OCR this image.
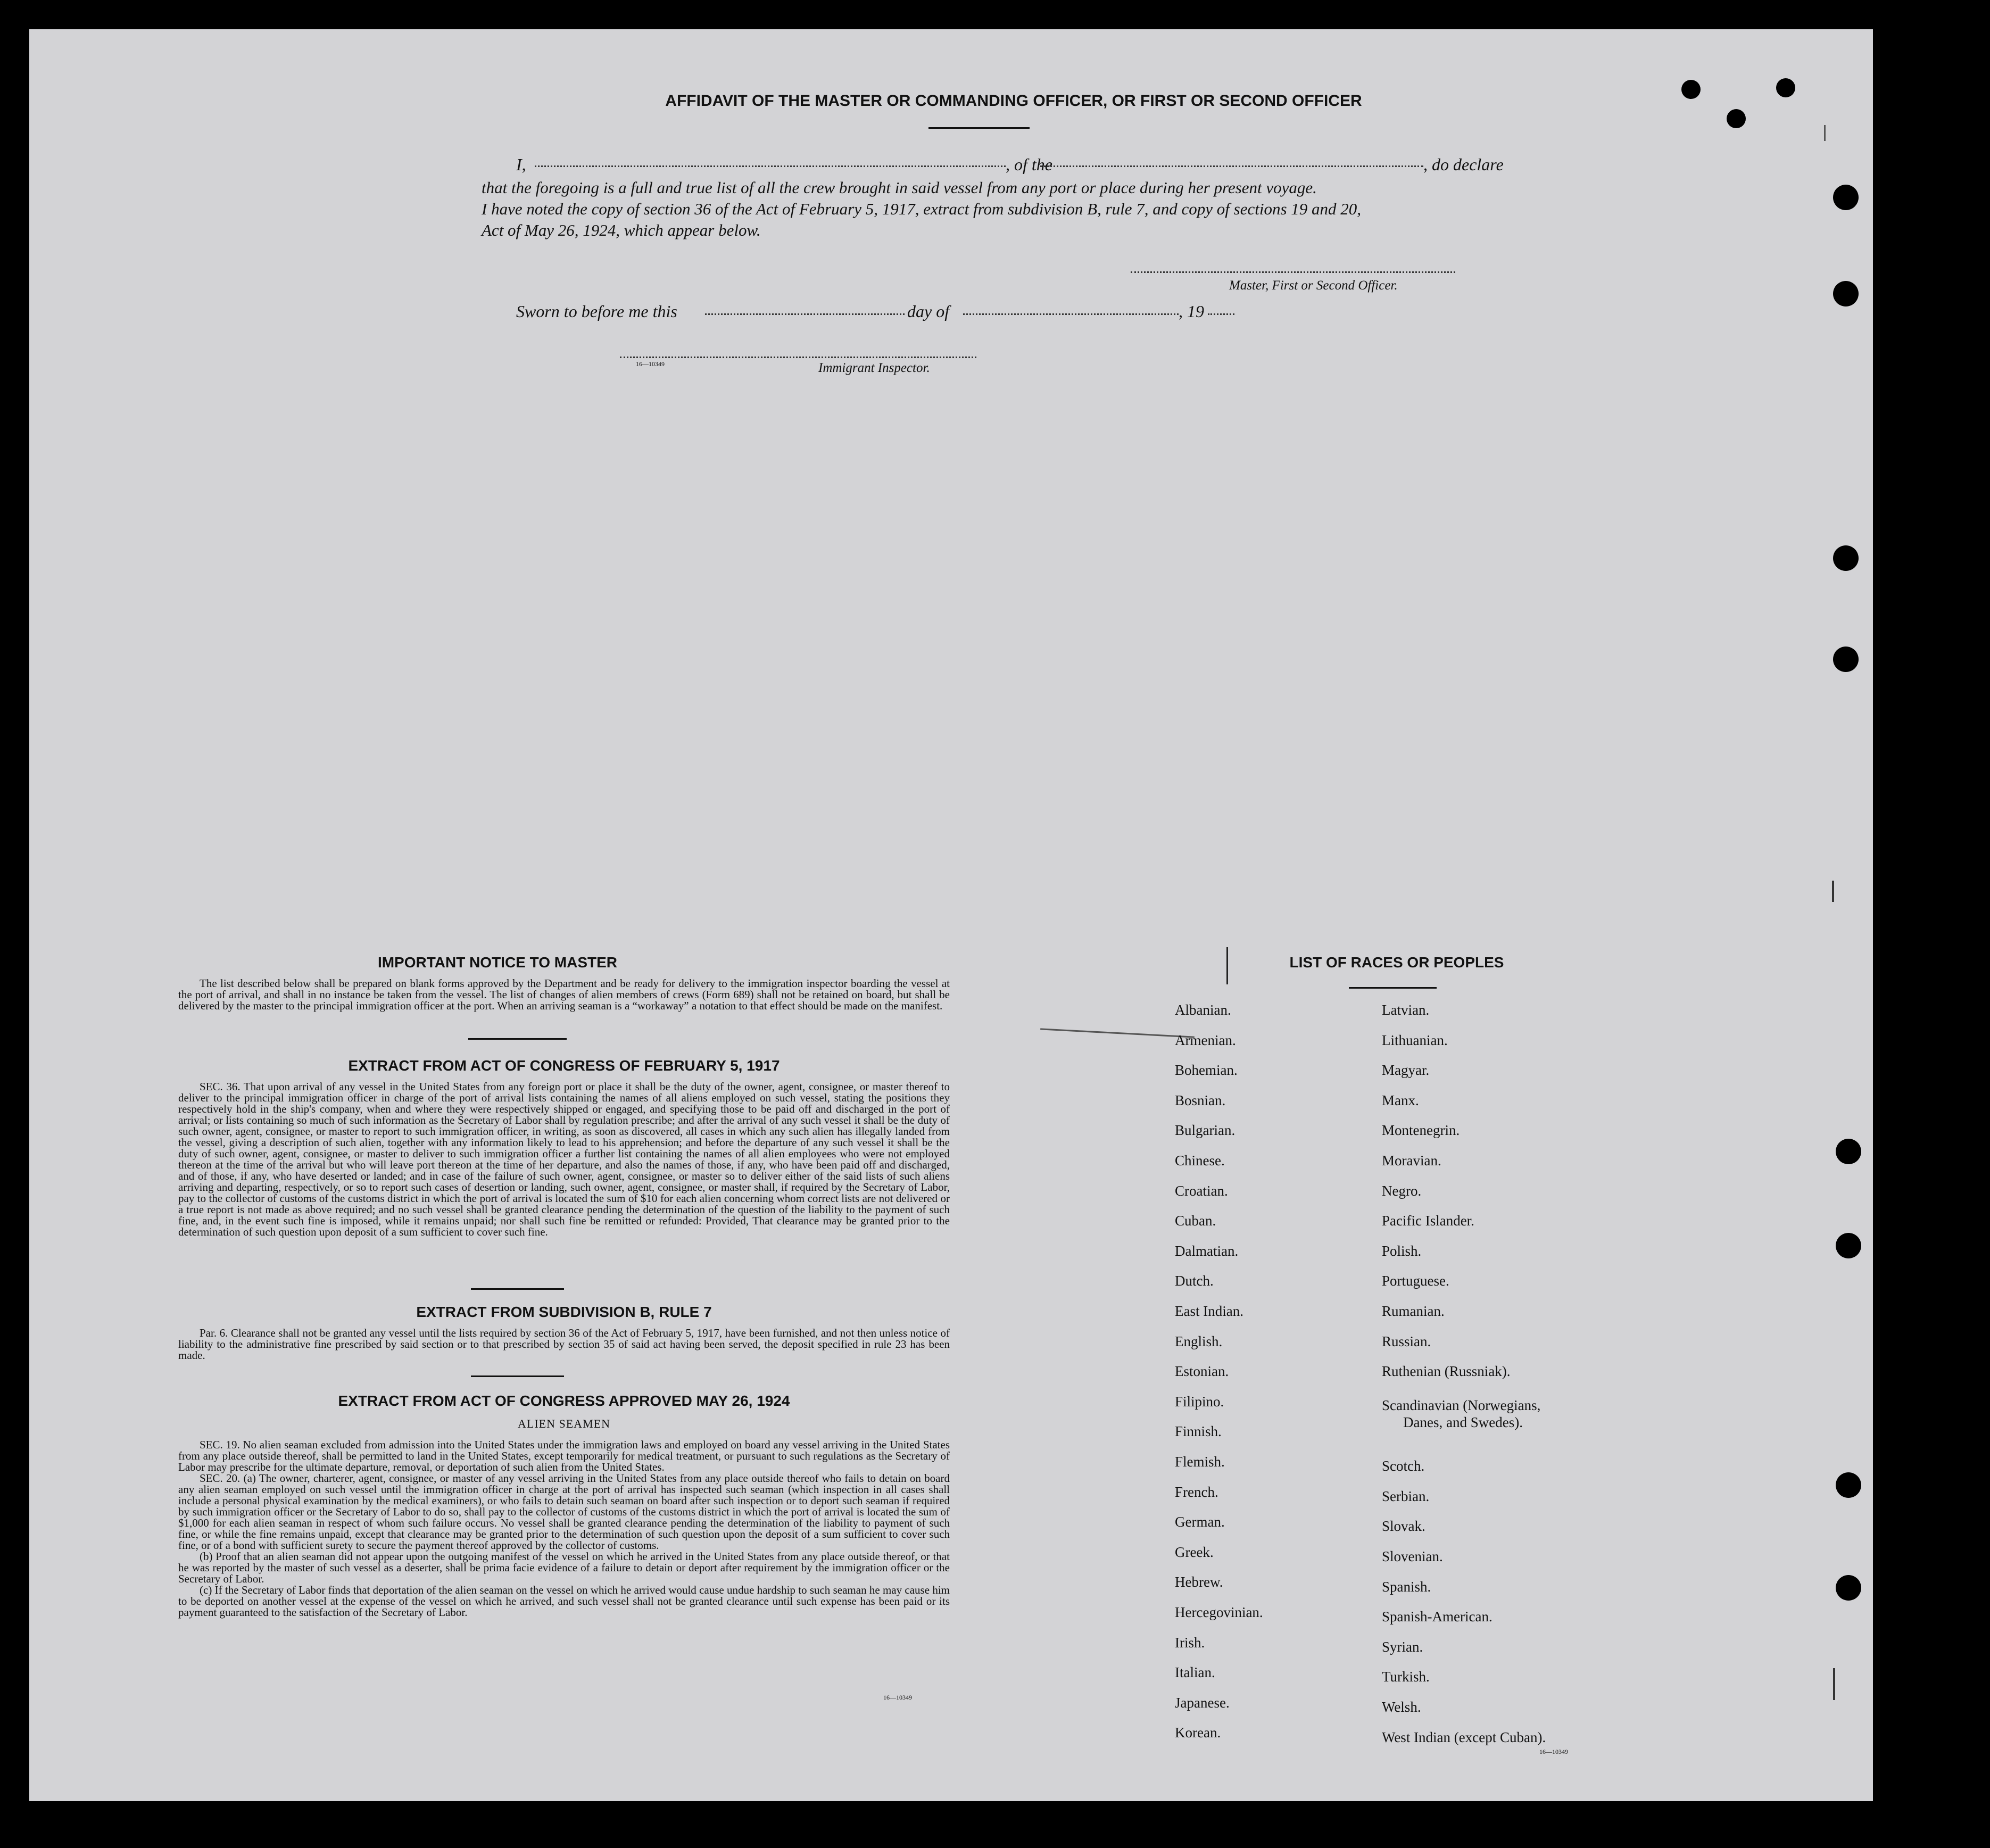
AFFIDAVIT OF THE MASTER OR COMMANDING OFFICER, OR FIRST OR SECOND OFFICER
I,	, of the	, do declare
that the foregoing is a full and true list of all the crew brought in said vessel from any port or place during her present voyage.
I have noted the copy of section 36 of the Act of February 5, 1917, extract from subdivision B, rule 7, and copy of sections 19 and 20,
Act of May 26, 1924, which appear below.
Master, First or Second Officer.
Sworn to before me this	day of	, 19
16—10349	Immigrant Inspector.
IMPORTANT NOTICE TO MASTER

The list described below shall be prepared on blank forms approved by the Department and be ready for delivery to the immigration inspector boarding the vessel at the port of arrival, and shall in no instance be taken from the vessel. The list of changes of alien members of crews (Form 689) shall not be retained on board, but shall be delivered by the master to the principal immigration officer at the port. When an arriving seaman is a “workaway” a notation to that effect should be made on the manifest.

EXTRACT FROM ACT OF CONGRESS OF FEBRUARY 5, 1917

SEC. 36. That upon arrival of any vessel in the United States from any foreign port or place it shall be the duty of the owner, agent, consignee, or master thereof to deliver to the principal immigration officer in charge of the port of arrival lists containing the names of all aliens employed on such vessel, stating the positions they respectively hold in the ship's company, when and where they were respectively shipped or engaged, and specifying those to be paid off and discharged in the port of arrival; or lists containing so much of such information as the Secretary of Labor shall by regulation prescribe; and after the arrival of any such vessel it shall be the duty of such owner, agent, consignee, or master to report to such immigration officer, in writing, as soon as discovered, all cases in which any such alien has illegally landed from the vessel, giving a description of such alien, together with any information likely to lead to his apprehension; and before the departure of any such vessel it shall be the duty of such owner, agent, consignee, or master to deliver to such immigration officer a further list containing the names of all alien employees who were not employed thereon at the time of the arrival but who will leave port thereon at the time of her departure, and also the names of those, if any, who have been paid off and discharged, and of those, if any, who have deserted or landed; and in case of the failure of such owner, agent, consignee, or master so to deliver either of the said lists of such aliens arriving and departing, respectively, or so to report such cases of desertion or landing, such owner, agent, consignee, or master shall, if required by the Secretary of Labor, pay to the collector of customs of the customs district in which the port of arrival is located the sum of $10 for each alien concerning whom correct lists are not delivered or a true report is not made as above required; and no such vessel shall be granted clearance pending the determination of the question of the liability to the payment of such fine, and, in the event such fine is imposed, while it remains unpaid; nor shall such fine be remitted or refunded: Provided, That clearance may be granted prior to the determination of such question upon deposit of a sum sufficient to cover such fine.

EXTRACT FROM SUBDIVISION B, RULE 7

Par. 6. Clearance shall not be granted any vessel until the lists required by section 36 of the Act of February 5, 1917, have been furnished, and not then unless notice of liability to the administrative fine prescribed by said section or to that prescribed by section 35 of said act having been served, the deposit specified in rule 23 has been made.

EXTRACT FROM ACT OF CONGRESS APPROVED MAY 26, 1924
ALIEN SEAMEN

SEC. 19. No alien seaman excluded from admission into the United States under the immigration laws and employed on board any vessel arriving in the United States from any place outside thereof, shall be permitted to land in the United States, except temporarily for medical treatment, or pursuant to such regulations as the Secretary of Labor may prescribe for the ultimate departure, removal, or deportation of such alien from the United States.

SEC. 20. (a) The owner, charterer, agent, consignee, or master of any vessel arriving in the United States from any place outside thereof who fails to detain on board any alien seaman employed on such vessel until the immigration officer in charge at the port of arrival has inspected such seaman (which inspection in all cases shall include a personal physical examination by the medical examiners), or who fails to detain such seaman on board after such inspection or to deport such seaman if required by such immigration officer or the Secretary of Labor to do so, shall pay to the collector of customs of the customs district in which the port of arrival is located the sum of $1,000 for each alien seaman in respect of whom such failure occurs. No vessel shall be granted clearance pending the determination of the liability to payment of such fine, or while the fine remains unpaid, except that clearance may be granted prior to the determination of such question upon the deposit of a sum sufficient to cover such fine, or of a bond with sufficient surety to secure the payment thereof approved by the collector of customs.

(b) Proof that an alien seaman did not appear upon the outgoing manifest of the vessel on which he arrived in the United States from any place outside thereof, or that he was reported by the master of such vessel as a deserter, shall be prima facie evidence of a failure to detain or deport after requirement by the immigration officer or the Secretary of Labor.

(c) If the Secretary of Labor finds that deportation of the alien seaman on the vessel on which he arrived would cause undue hardship to such seaman he may cause him to be deported on another vessel at the expense of the vessel on which he arrived, and such vessel shall not be granted clearance until such expense has been paid or its payment guaranteed to the satisfaction of the Secretary of Labor.

16—10349
LIST OF RACES OR PEOPLES
Albanian.
Armenian.
Bohemian.
Bosnian.
Bulgarian.
Chinese.
Croatian.
Cuban.
Dalmatian.
Dutch.
East Indian.
English.
Estonian.
Filipino.
Finnish.
Flemish.
French.
German.
Greek.
Hebrew.
Hercegovinian.
Irish.
Italian.
Japanese.
Korean.
Latvian.
Lithuanian.
Magyar.
Manx.
Montenegrin.
Moravian.
Negro.
Pacific Islander.
Polish.
Portuguese.
Rumanian.
Russian.
Ruthenian (Russniak).
Scandinavian (Norwegians,
Danes, and Swedes).
Scotch.
Serbian.
Slovak.
Slovenian.
Spanish.
Spanish-American.
Syrian.
Turkish.
Welsh.
West Indian (except Cuban).
16—10349
